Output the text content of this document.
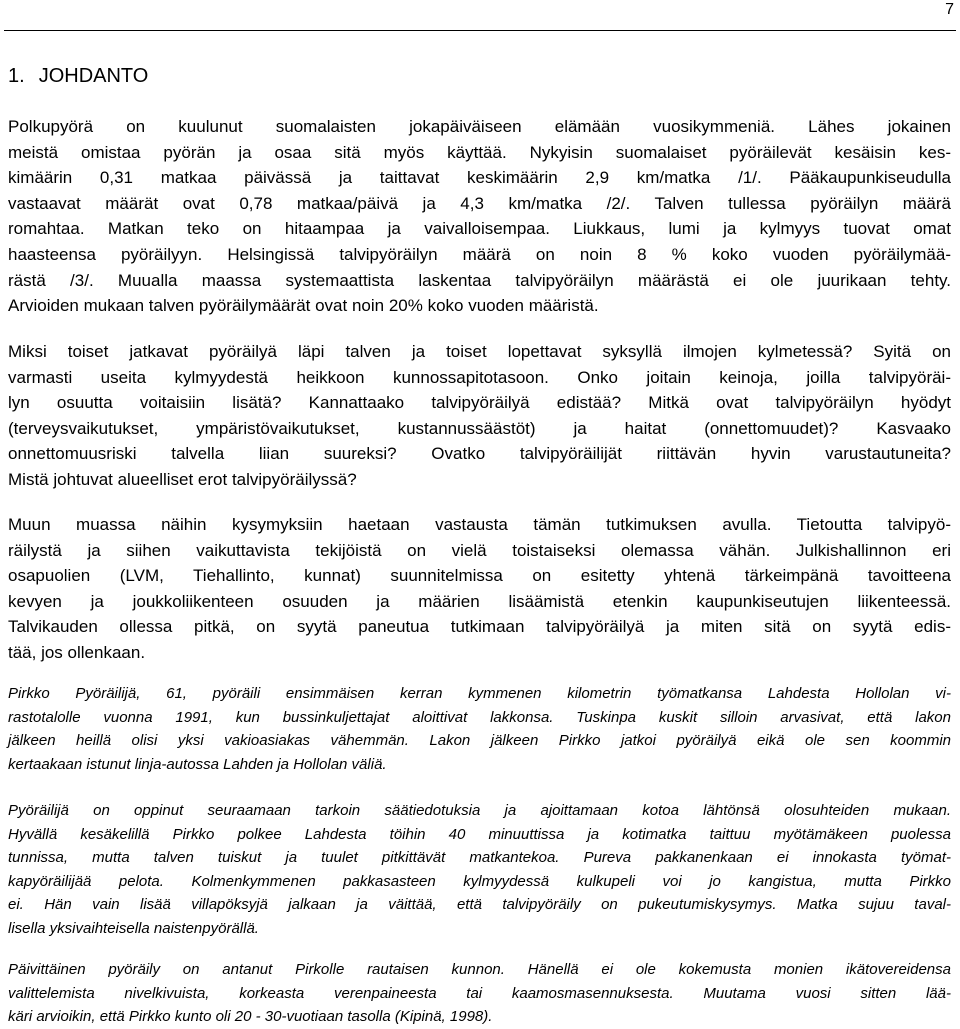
7
1. JOHDANTO

Polkupyörä on kuulunut suomalaisten jokapäiväiseen elämään vuosikymmeniä. Lähes jokainen
meistä omistaa pyörän ja osaa sitä myös käyttää. Nykyisin suomalaiset pyöräilevät kesäisin kes-
kimäärin 0,31 matkaa päivässä ja taittavat keskimäärin 2,9 km/matka /1/. Pääkaupunkiseudulla
vastaavat määrät ovat 0,78 matkaa/päivä ja 4,3 km/matka /2/. Talven tullessa pyöräilyn määrä
romahtaa. Matkan teko on hitaampaa ja vaivalloisempaa. Liukkaus, lumi ja kylmyys tuovat omat
haasteensa pyöräilyyn. Helsingissä talvipyöräilyn määrä on noin 8 % koko vuoden pyöräilymää-
rästä /3/. Muualla maassa systemaattista laskentaa talvipyöräilyn määrästä ei ole juurikaan tehty.
Arvioiden mukaan talven pyöräilymäärät ovat noin 20% koko vuoden määristä.

Miksi toiset jatkavat pyöräilyä läpi talven ja toiset lopettavat syksyllä ilmojen kylmetessä? Syitä on
varmasti useita kylmyydestä heikkoon kunnossapitotasoon. Onko joitain keinoja, joilla talvipyöräi-
lyn osuutta voitaisiin lisätä? Kannattaako talvipyöräilyä edistää? Mitkä ovat talvipyöräilyn hyödyt
(terveysvaikutukset, ympäristövaikutukset, kustannussäästöt) ja haitat (onnettomuudet)? Kasvaako
onnettomuusriski talvella liian suureksi? Ovatko talvipyöräilijät riittävän hyvin varustautuneita?
Mistä johtuvat alueelliset erot talvipyöräilyssä?

Muun muassa näihin kysymyksiin haetaan vastausta tämän tutkimuksen avulla. Tietoutta talvipyö-
räilystä ja siihen vaikuttavista tekijöistä on vielä toistaiseksi olemassa vähän. Julkishallinnon eri
osapuolien (LVM, Tiehallinto, kunnat) suunnitelmissa on esitetty yhtenä tärkeimpänä tavoitteena
kevyen ja joukkoliikenteen osuuden ja määrien lisäämistä etenkin kaupunkiseutujen liikenteessä.
Talvikauden ollessa pitkä, on syytä paneutua tutkimaan talvipyöräilyä ja miten sitä on syytä edis-
tää, jos ollenkaan.

Pirkko Pyöräilijä, 61, pyöräili ensimmäisen kerran kymmenen kilometrin työmatkansa Lahdesta Hollolan vi-
rastotalolle vuonna 1991, kun bussinkuljettajat aloittivat lakkonsa. Tuskinpa kuskit silloin arvasivat, että lakon
jälkeen heillä olisi yksi vakioasiakas vähemmän. Lakon jälkeen Pirkko jatkoi pyöräilyä eikä ole sen koommin
kertaakaan istunut linja-autossa Lahden ja Hollolan väliä.

Pyöräilijä on oppinut seuraamaan tarkoin säätiedotuksia ja ajoittamaan kotoa lähtönsä olosuhteiden mukaan.
Hyvällä kesäkelillä Pirkko polkee Lahdesta töihin 40 minuuttissa ja kotimatka taittuu myötämäkeen puolessa
tunnissa, mutta talven tuiskut ja tuulet pitkittävät matkantekoa. Pureva pakkanenkaan ei innokasta työmat-
kapyöräilijää pelota. Kolmenkymmenen pakkasasteen kylmyydessä kulkupeli voi jo kangistua, mutta Pirkko
ei. Hän vain lisää villapöksyjä jalkaan ja väittää, että talvipyöräily on pukeutumiskysymys. Matka sujuu taval-
lisella yksivaihteisella naistenpyörällä.

Päivittäinen pyöräily on antanut Pirkolle rautaisen kunnon. Hänellä ei ole kokemusta monien ikätovereidensa
valittelemista nivelkivuista, korkeasta verenpaineesta tai kaamosmasennuksesta. Muutama vuosi sitten lää-
käri arvioikin, että Pirkko kunto oli 20 - 30-vuotiaan tasolla (Kipinä, 1998).
